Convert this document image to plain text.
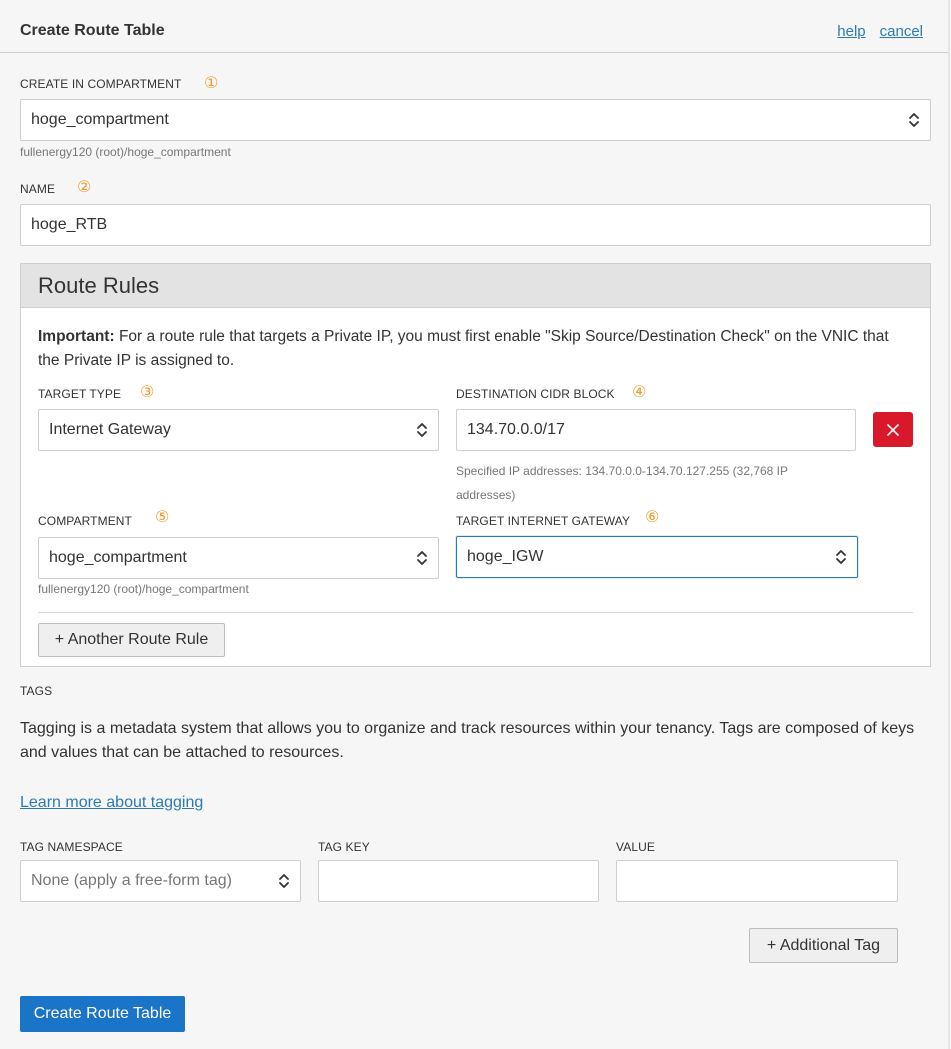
Create Route Table	help cancel
CREATE IN COMPARTMENT ①
hoge_compartment
fullenergy120 (root)/hoge_compartment
NAME ②
hoge_RTB
Route Rules
Important: For a route rule that targets a Private IP, you must first enable "Skip Source/Destination Check" on the VNIC that the Private IP is assigned to.
TARGET TYPE ③
Internet Gateway
DESTINATION CIDR BLOCK ④
134.70.0.0/17
Specified IP addresses: 134.70.0.0-134.70.127.255 (32,768 IP
addresses)
COMPARTMENT ⑤
hoge_compartment
fullenergy120 (root)/hoge_compartment
TARGET INTERNET GATEWAY ⑥
hoge_IGW
+ Another Route Rule
TAGS
Tagging is a metadata system that allows you to organize and track resources within your tenancy. Tags are composed of keys and values that can be attached to resources.
Learn more about tagging
TAG NAMESPACE
None (apply a free-form tag)
TAG KEY	VALUE
+ Additional Tag
Create Route Table
